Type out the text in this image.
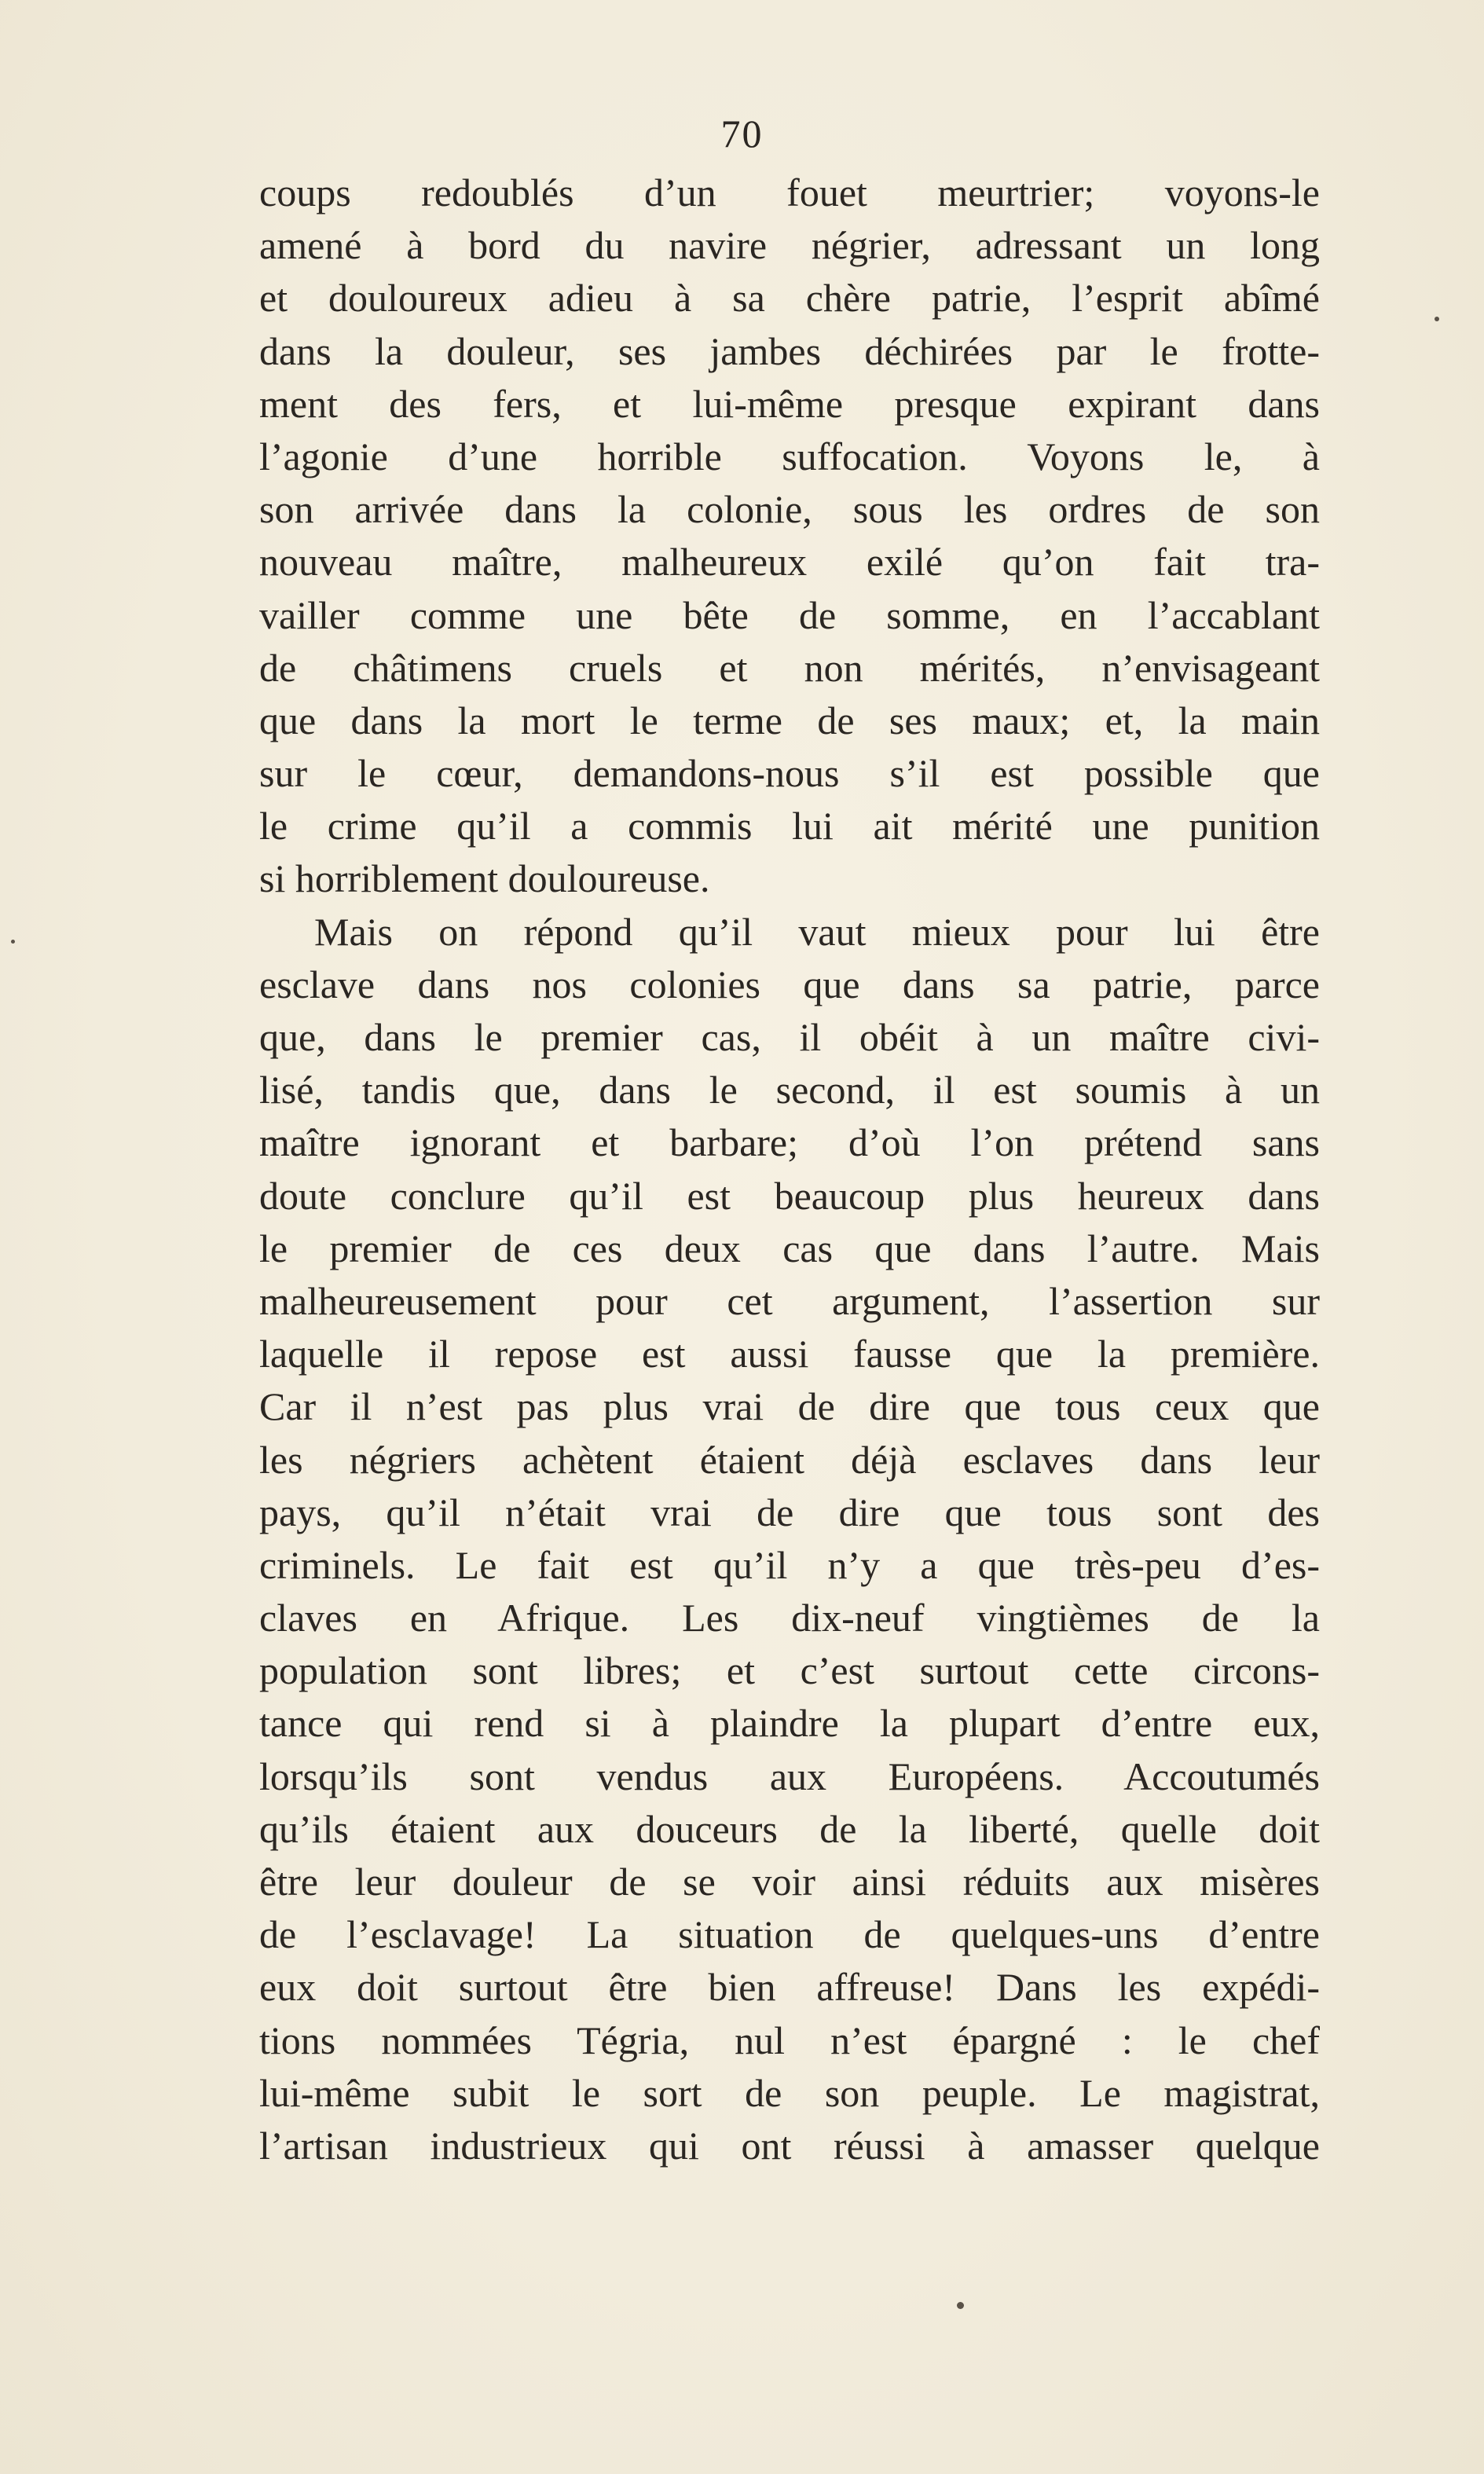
70
coups redoublés d’un fouet meurtrier; voyons-le
amené à bord du navire négrier, adressant un long
et douloureux adieu à sa chère patrie, l’esprit abîmé
dans la douleur, ses jambes déchirées par le frotte-
ment des fers, et lui-même presque expirant dans
l’agonie d’une horrible suffocation. Voyons le, à
son arrivée dans la colonie, sous les ordres de son
nouveau maître, malheureux exilé qu’on fait tra-
vailler comme une bête de somme, en l’accablant
de châtimens cruels et non mérités, n’envisageant
que dans la mort le terme de ses maux; et, la main
sur le cœur, demandons-nous s’il est possible que
le crime qu’il a commis lui ait mérité une punition
si horriblement douloureuse.
Mais on répond qu’il vaut mieux pour lui être
esclave dans nos colonies que dans sa patrie, parce
que, dans le premier cas, il obéit à un maître civi-
lisé, tandis que, dans le second, il est soumis à un
maître ignorant et barbare; d’où l’on prétend sans
doute conclure qu’il est beaucoup plus heureux dans
le premier de ces deux cas que dans l’autre. Mais
malheureusement pour cet argument, l’assertion sur
laquelle il repose est aussi fausse que la première.
Car il n’est pas plus vrai de dire que tous ceux que
les négriers achètent étaient déjà esclaves dans leur
pays, qu’il n’était vrai de dire que tous sont des
criminels. Le fait est qu’il n’y a que très-peu d’es-
claves en Afrique. Les dix-neuf vingtièmes de la
population sont libres; et c’est surtout cette circons-
tance qui rend si à plaindre la plupart d’entre eux,
lorsqu’ils sont vendus aux Européens. Accoutumés
qu’ils étaient aux douceurs de la liberté, quelle doit
être leur douleur de se voir ainsi réduits aux misères
de l’esclavage! La situation de quelques-uns d’entre
eux doit surtout être bien affreuse! Dans les expédi-
tions nommées Tégria, nul n’est épargné : le chef
lui-même subit le sort de son peuple. Le magistrat,
l’artisan industrieux qui ont réussi à amasser quelque
